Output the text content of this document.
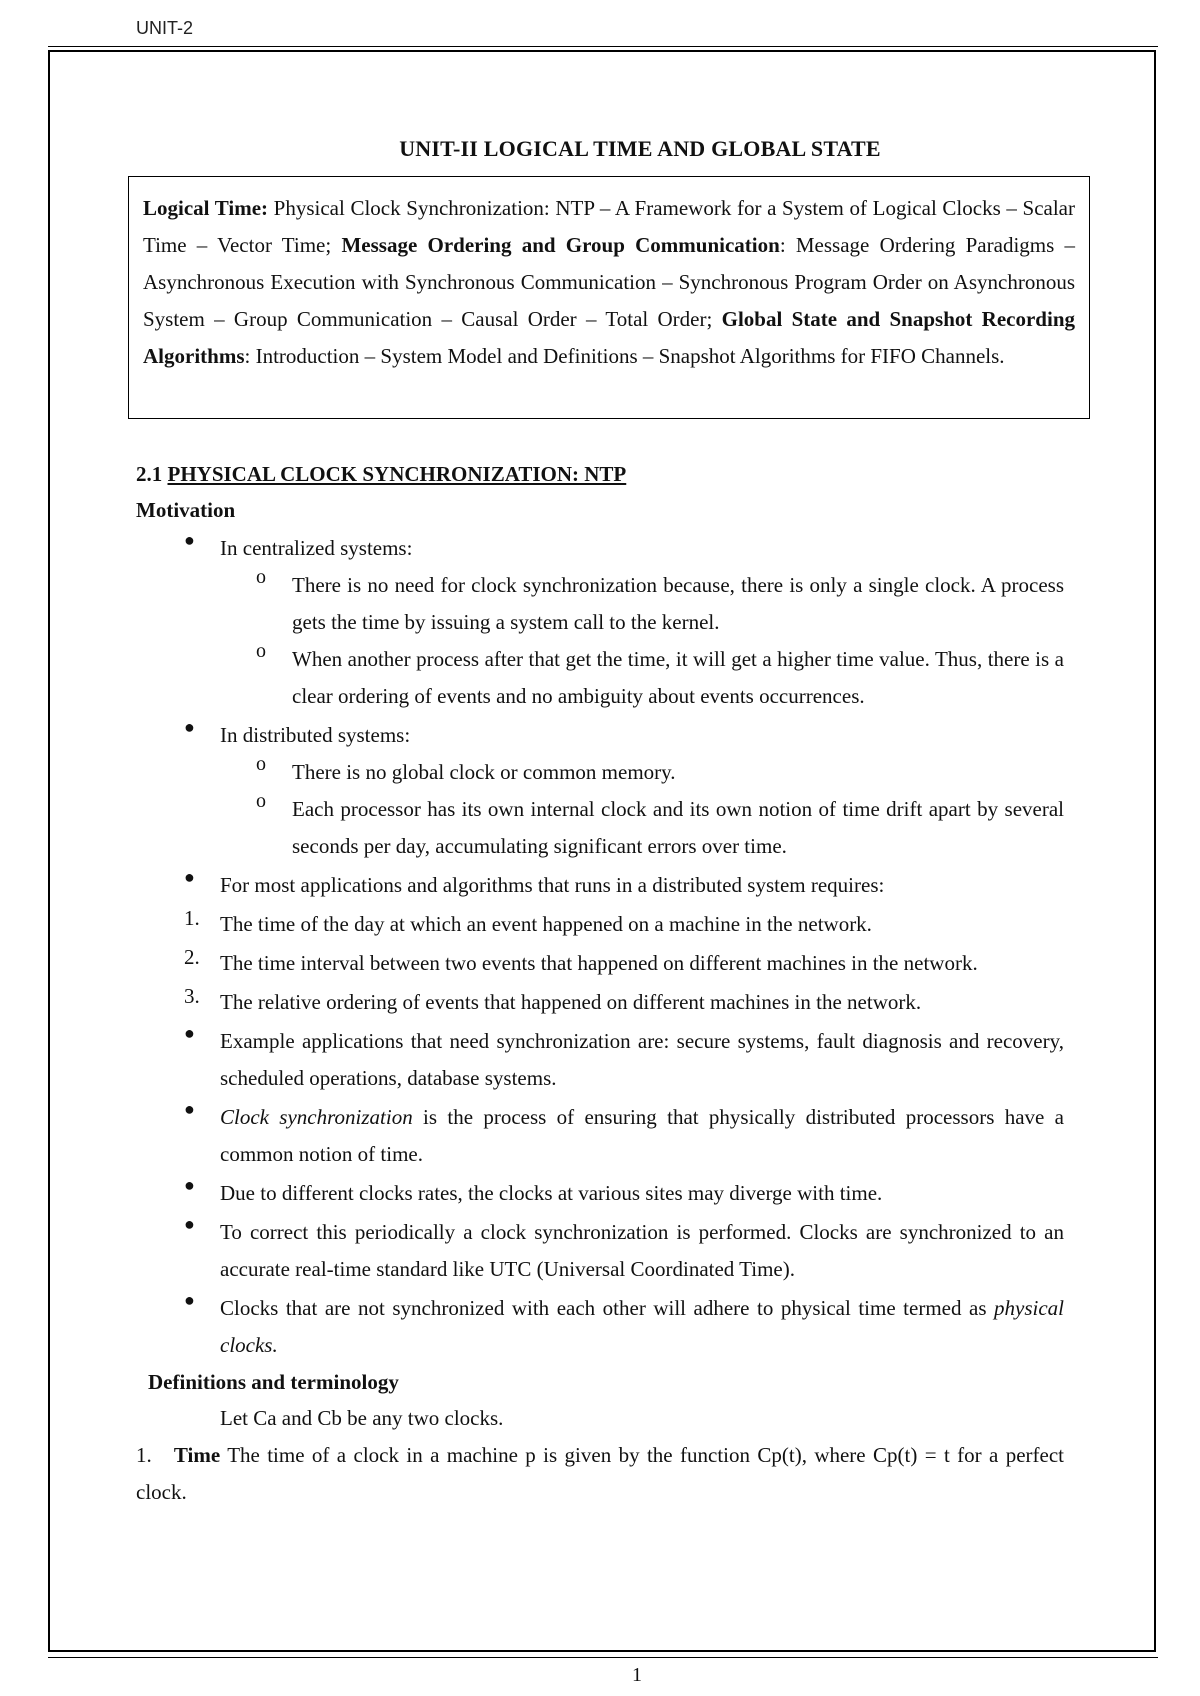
UNIT-2
UNIT-II LOGICAL TIME AND GLOBAL STATE
Logical Time: Physical Clock Synchronization: NTP – A Framework for a System of Logical Clocks – Scalar Time – Vector Time; Message Ordering and Group Communication: Message Ordering Paradigms – Asynchronous Execution with Synchronous Communication – Synchronous Program Order on Asynchronous System – Group Communication – Causal Order – Total Order; Global State and Snapshot Recording Algorithms: Introduction – System Model and Definitions – Snapshot Algorithms for FIFO Channels.
2.1 PHYSICAL CLOCK SYNCHRONIZATION: NTP
Motivation
● In centralized systems:
o There is no need for clock synchronization because, there is only a single clock. A process gets the time by issuing a system call to the kernel.
o When another process after that get the time, it will get a higher time value. Thus, there is a clear ordering of events and no ambiguity about events occurrences.
● In distributed systems:
o There is no global clock or common memory.
o Each processor has its own internal clock and its own notion of time drift apart by several seconds per day, accumulating significant errors over time.
● For most applications and algorithms that runs in a distributed system requires:
1. The time of the day at which an event happened on a machine in the network.
2. The time interval between two events that happened on different machines in the network.
3. The relative ordering of events that happened on different machines in the network.
● Example applications that need synchronization are: secure systems, fault diagnosis and recovery, scheduled operations, database systems.
● Clock synchronization is the process of ensuring that physically distributed processors have a common notion of time.
● Due to different clocks rates, the clocks at various sites may diverge with time.
● To correct this periodically a clock synchronization is performed. Clocks are synchronized to an accurate real-time standard like UTC (Universal Coordinated Time).
● Clocks that are not synchronized with each other will adhere to physical time termed as physical clocks.
Definitions and terminology
Let Ca and Cb be any two clocks.
1. Time The time of a clock in a machine p is given by the function Cp(t), where Cp(t) = t for a perfect clock.
1
